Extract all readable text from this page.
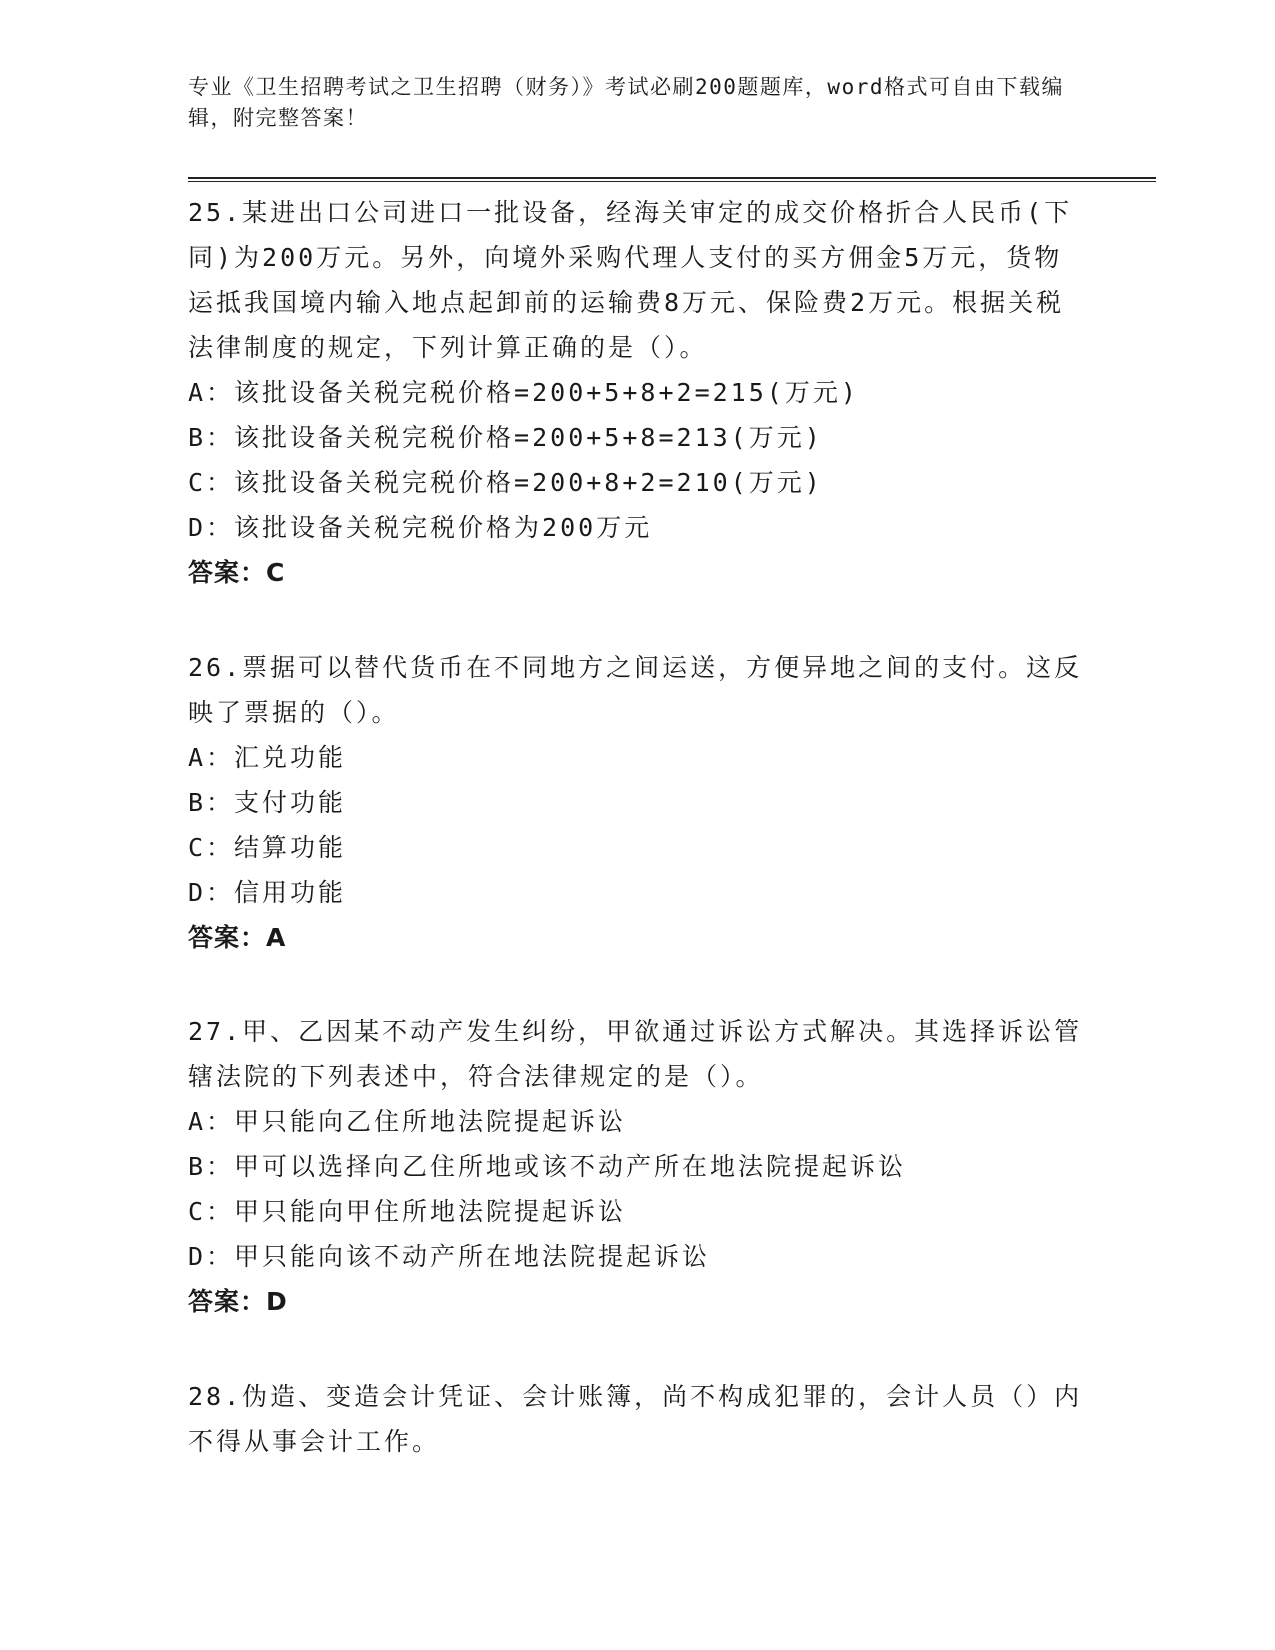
专业《卫生招聘考试之卫生招聘（财务）》考试必刷200题题库，word格式可自由下载编辑，附完整答案！
25.某进出口公司进口一批设备，经海关审定的成交价格折合人民币(下同)为200万元。另外，向境外采购代理人支付的买方佣金5万元，货物运抵我国境内输入地点起卸前的运输费8万元、保险费2万元。根据关税法律制度的规定，下列计算正确的是（）。
A：该批设备关税完税价格=200+5+8+2=215(万元)
B：该批设备关税完税价格=200+5+8=213(万元)
C：该批设备关税完税价格=200+8+2=210(万元)
D：该批设备关税完税价格为200万元
答案：C
26.票据可以替代货币在不同地方之间运送，方便异地之间的支付。这反映了票据的（）。
A：汇兑功能
B：支付功能
C：结算功能
D：信用功能
答案：A
27.甲、乙因某不动产发生纠纷，甲欲通过诉讼方式解决。其选择诉讼管辖法院的下列表述中，符合法律规定的是（）。
A：甲只能向乙住所地法院提起诉讼
B：甲可以选择向乙住所地或该不动产所在地法院提起诉讼
C：甲只能向甲住所地法院提起诉讼
D：甲只能向该不动产所在地法院提起诉讼
答案：D
28.伪造、变造会计凭证、会计账簿，尚不构成犯罪的，会计人员（）内不得从事会计工作。
